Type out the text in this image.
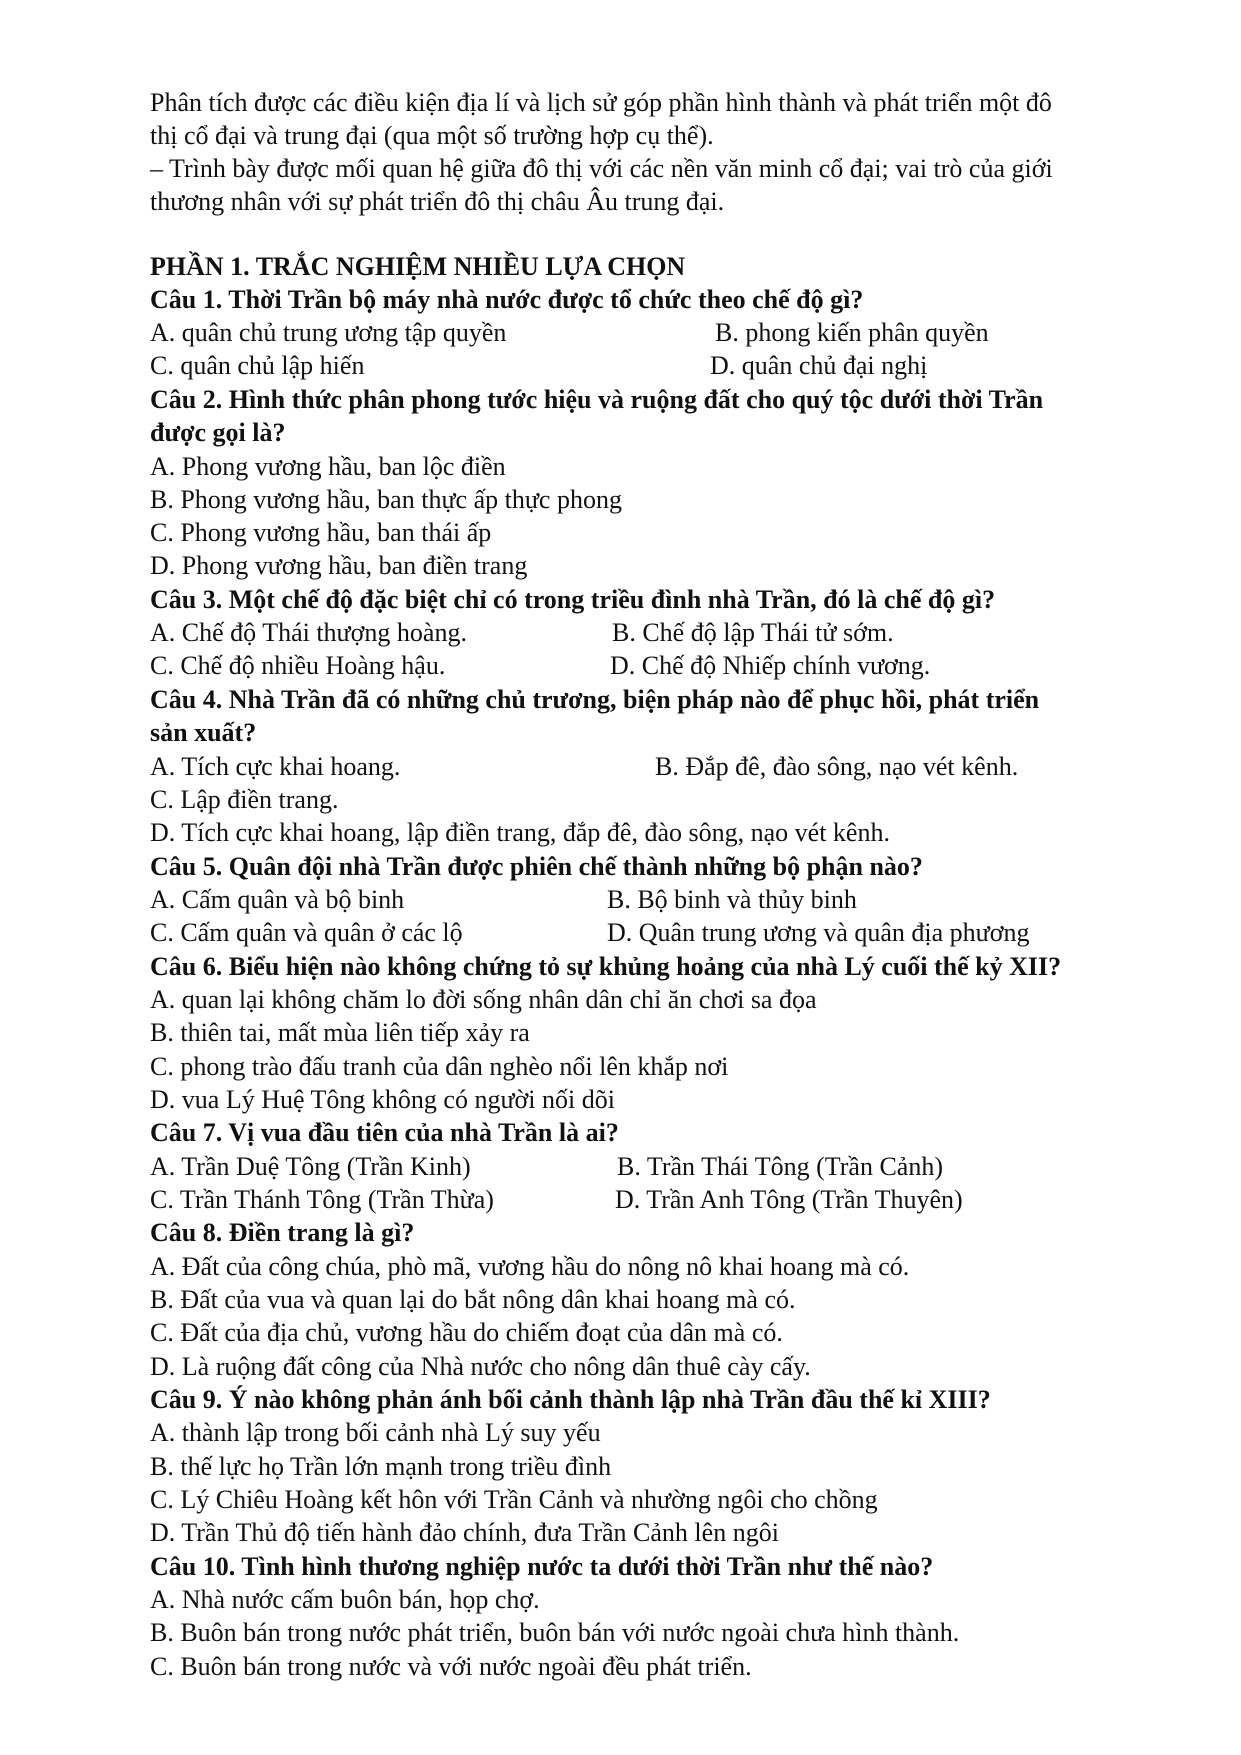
Phân tích được các điều kiện địa lí và lịch sử góp phần hình thành và phát triển một đô
thị cổ đại và trung đại (qua một số trường hợp cụ thể).
– Trình bày được mối quan hệ giữa đô thị với các nền văn minh cổ đại; vai trò của giới
thương nhân với sự phát triển đô thị châu Âu trung đại.
PHẦN 1. TRẮC NGHIỆM NHIỀU LỰA CHỌN
Câu 1. Thời Trần bộ máy nhà nước được tổ chức theo chế độ gì?
A. quân chủ trung ương tập quyền	B. phong kiến phân quyền
C. quân chủ lập hiến	D. quân chủ đại nghị
Câu 2. Hình thức phân phong tước hiệu và ruộng đất cho quý tộc dưới thời Trần
được gọi là?
A. Phong vương hầu, ban lộc điền
B. Phong vương hầu, ban thực ấp thực phong
C. Phong vương hầu, ban thái ấp
D. Phong vương hầu, ban điền trang
Câu 3. Một chế độ đặc biệt chỉ có trong triều đình nhà Trần, đó là chế độ gì?
A. Chế độ Thái thượng hoàng.	B. Chế độ lập Thái tử sớm.
C. Chế độ nhiều Hoàng hậu.	D. Chế độ Nhiếp chính vương.
Câu 4. Nhà Trần đã có những chủ trương, biện pháp nào để phục hồi, phát triển
sản xuất?
A. Tích cực khai hoang.	B. Đắp đê, đào sông, nạo vét kênh.
C. Lập điền trang.
D. Tích cực khai hoang, lập điền trang, đắp đê, đào sông, nạo vét kênh.
Câu 5. Quân đội nhà Trần được phiên chế thành những bộ phận nào?
A. Cấm quân và bộ binh	B. Bộ binh và thủy binh
C. Cấm quân và quân ở các lộ	D. Quân trung ương và quân địa phương
Câu 6. Biểu hiện nào không chứng tỏ sự khủng hoảng của nhà Lý cuối thế kỷ XII?
A. quan lại không chăm lo đời sống nhân dân chỉ ăn chơi sa đọa
B. thiên tai, mất mùa liên tiếp xảy ra
C. phong trào đấu tranh của dân nghèo nổi lên khắp nơi
D. vua Lý Huệ Tông không có người nối dõi
Câu 7. Vị vua đầu tiên của nhà Trần là ai?
A. Trần Duệ Tông (Trần Kinh)	B. Trần Thái Tông (Trần Cảnh)
C. Trần Thánh Tông (Trần Thừa)	D. Trần Anh Tông (Trần Thuyên)
Câu 8. Điền trang là gì?
A. Đất của công chúa, phò mã, vương hầu do nông nô khai hoang mà có.
B. Đất của vua và quan lại do bắt nông dân khai hoang mà có.
C. Đất của địa chủ, vương hầu do chiếm đoạt của dân mà có.
D. Là ruộng đất công của Nhà nước cho nông dân thuê cày cấy.
Câu 9. Ý nào không phản ánh bối cảnh thành lập nhà Trần đầu thế kỉ XIII?
A. thành lập trong bối cảnh nhà Lý suy yếu
B. thế lực họ Trần lớn mạnh trong triều đình
C. Lý Chiêu Hoàng kết hôn với Trần Cảnh và nhường ngôi cho chồng
D. Trần Thủ độ tiến hành đảo chính, đưa Trần Cảnh lên ngôi
Câu 10. Tình hình thương nghiệp nước ta dưới thời Trần như thế nào?
A. Nhà nước cấm buôn bán, họp chợ.
B. Buôn bán trong nước phát triển, buôn bán với nước ngoài chưa hình thành.
C. Buôn bán trong nước và với nước ngoài đều phát triển.
